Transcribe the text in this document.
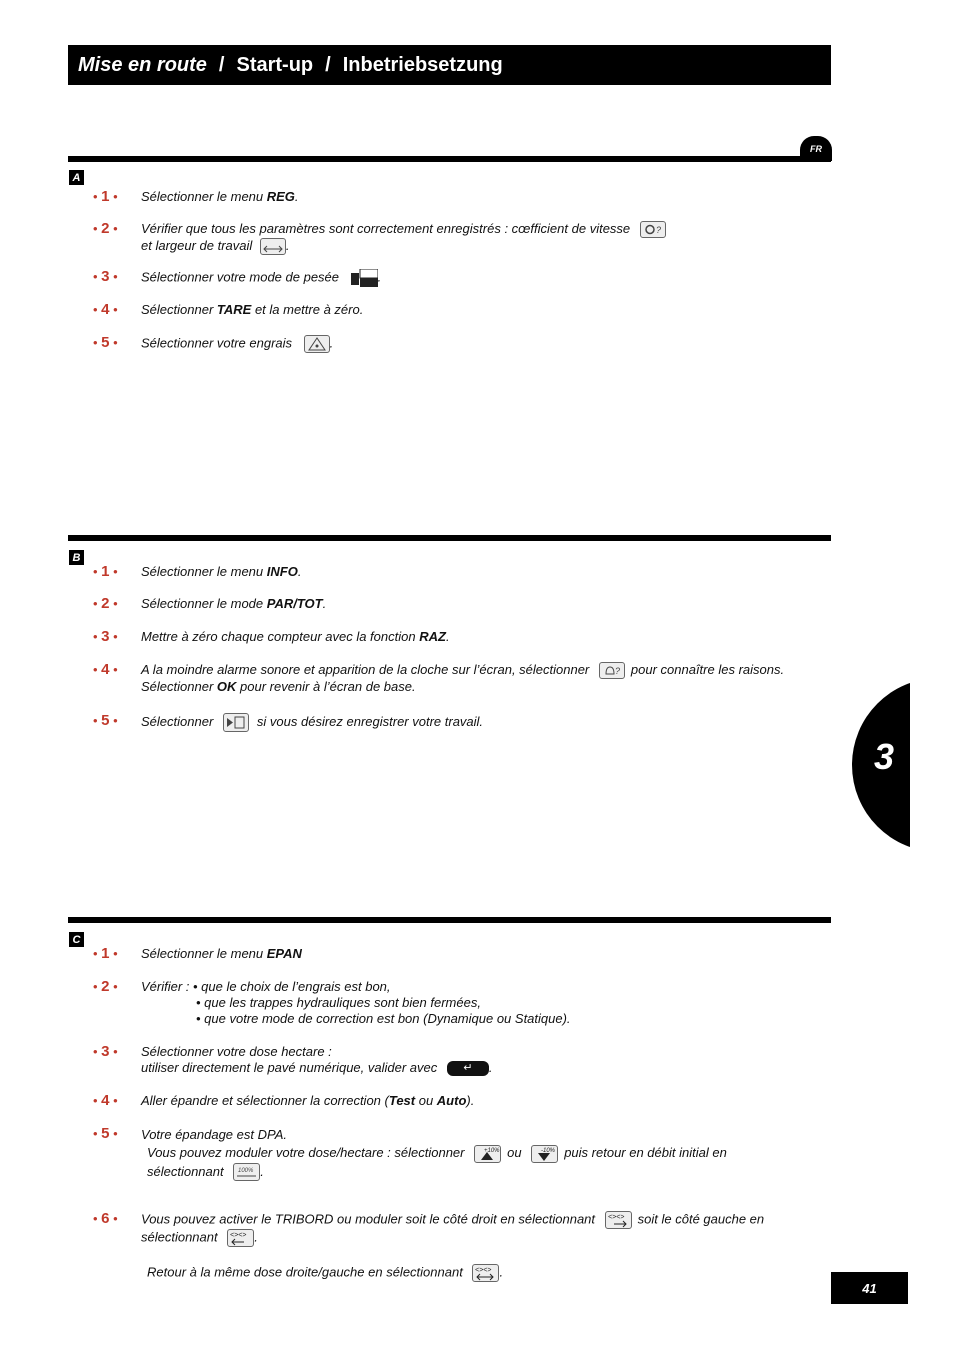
Mise en route / Start-up / Inbetriebsetzung
FR
A
• 1 •	Sélectionner le menu REG.
• 2 •	Vérifier que tous les paramètres sont correctement enregistrés : cœfficient de vitesse	?

et largeur de travail	.
• 3 •	Sélectionner votre mode de pesée	.
• 4 •	Sélectionner TARE et la mettre à zéro.
• 5 •	Sélectionner votre engrais	.
B
• 1 •	Sélectionner le menu INFO.
• 2 •	Sélectionner le mode PAR/TOT.
• 3 •	Mettre à zéro chaque compteur avec la fonction RAZ.
• 4 •	A la moindre alarme sonore et apparition de la cloche sur l’écran, sélectionner	? pour connaître les raisons.
Sélectionner OK pour revenir à l’écran de base.
• 5 •	Sélectionner	si vous désirez enregistrer votre travail.
3
C
• 1 •	Sélectionner le menu EPAN
• 2 •	Vérifier : • que le choix de l’engrais est bon,
• que les trappes hydrauliques sont bien fermées,
• que votre mode de correction est bon (Dynamique ou Statique).
• 3 •	Sélectionner votre dose hectare :
utiliser directement le pavé numérique, valider avec ↵ .
• 4 •	Aller épandre et sélectionner la correction (Test ou Auto).
• 5 •	Votre épandage est DPA.
Vous pouvez moduler votre dose/hectare : sélectionner	+10% ou	-10% puis retour en débit initial en
sélectionnant 100% .
• 6 •	Vous pouvez activer le TRIBORD ou moduler soit le côté droit en sélectionnant <><> soit le côté gauche en
sélectionnant <><> .
Retour à la même dose droite/gauche en sélectionnant <><> .
41
